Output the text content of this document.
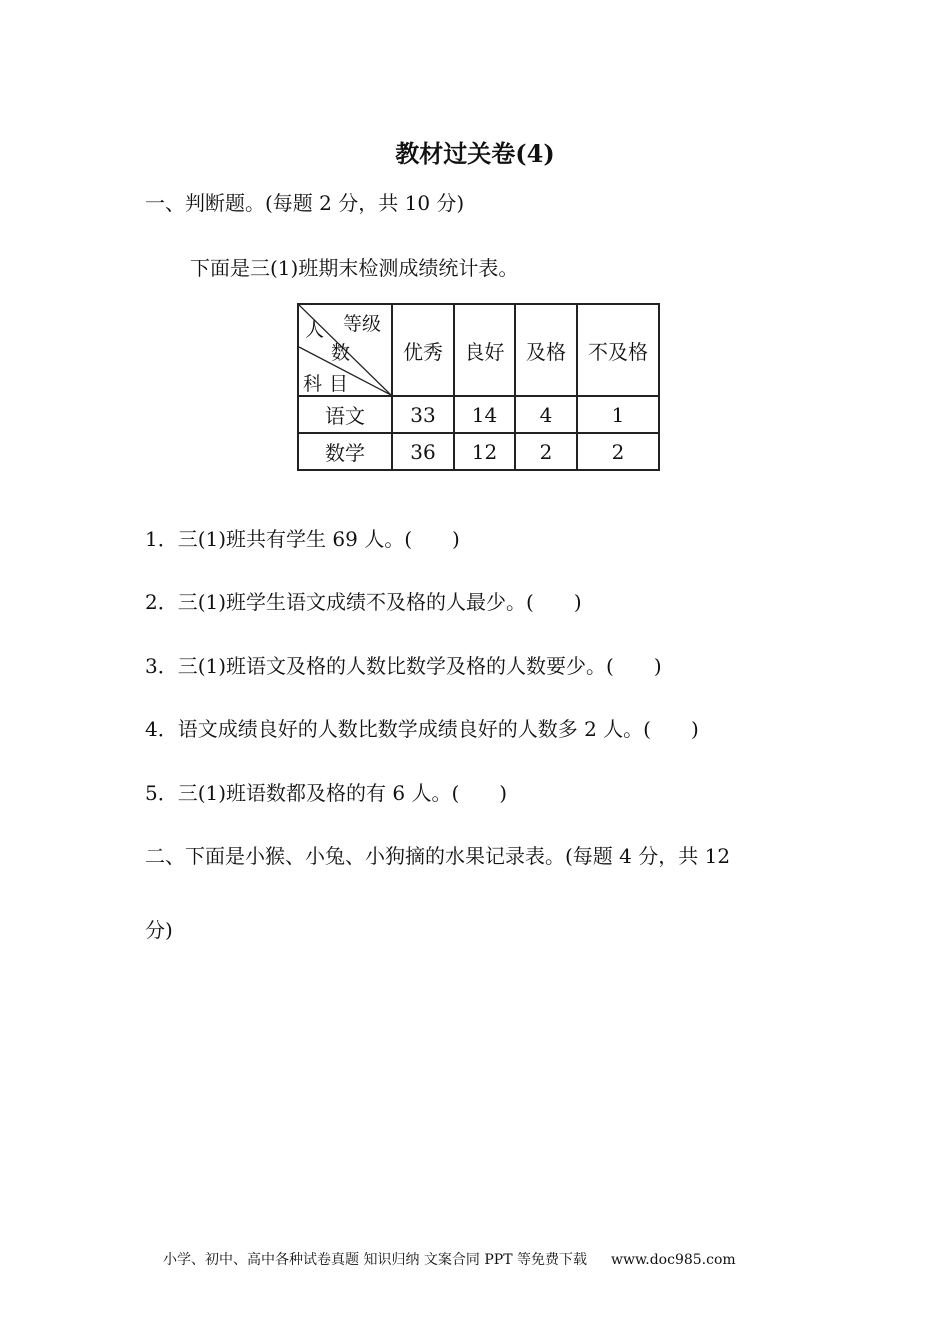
教材过关卷(4)
一、判断题。(每题 2 分，共 10 分)
下面是三(1)班期末检测成绩统计表。
等级
人
数
科 目	优秀	良好	及格	不及格
语文	33	14	4	1
数学	36	12	2	2
1．三(1)班共有学生 69 人。(　　)
2．三(1)班学生语文成绩不及格的人最少。(　　)
3．三(1)班语文及格的人数比数学及格的人数要少。(　　)
4．语文成绩良好的人数比数学成绩良好的人数多 2 人。(　　)
5．三(1)班语数都及格的有 6 人。(　　)
二、下面是小猴、小兔、小狗摘的水果记录表。(每题 4 分，共 12
分)
小学、初中、高中各种试卷真题 知识归纳 文案合同 PPT 等免费下载 www.doc985.com
